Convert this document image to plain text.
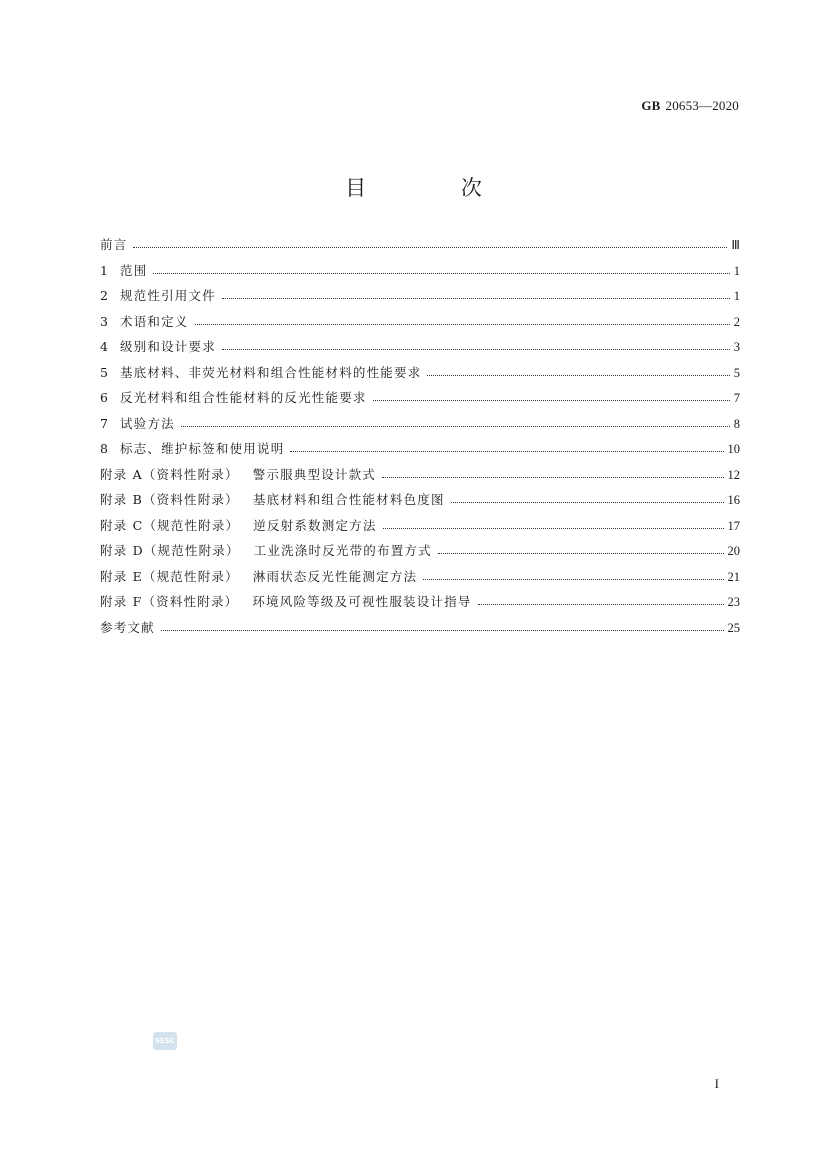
GB 20653—2020
目 次
前言	Ⅲ
1 范围	1
2 规范性引用文件	1
3 术语和定义	2
4 级别和设计要求	3
5 基底材料、非荧光材料和组合性能材料的性能要求	5
6 反光材料和组合性能材料的反光性能要求	7
7 试验方法	8
8 标志、维护标签和使用说明	10
附录 A（资料性附录） 警示服典型设计款式	12
附录 B（资料性附录） 基底材料和组合性能材料色度图	16
附录 C（规范性附录） 逆反射系数测定方法	17
附录 D（规范性附录） 工业洗涤时反光带的布置方式	20
附录 E（规范性附录） 淋雨状态反光性能测定方法	21
附录 F（资料性附录） 环境风险等级及可视性服装设计指导	23
参考文献	25
SESC
I
